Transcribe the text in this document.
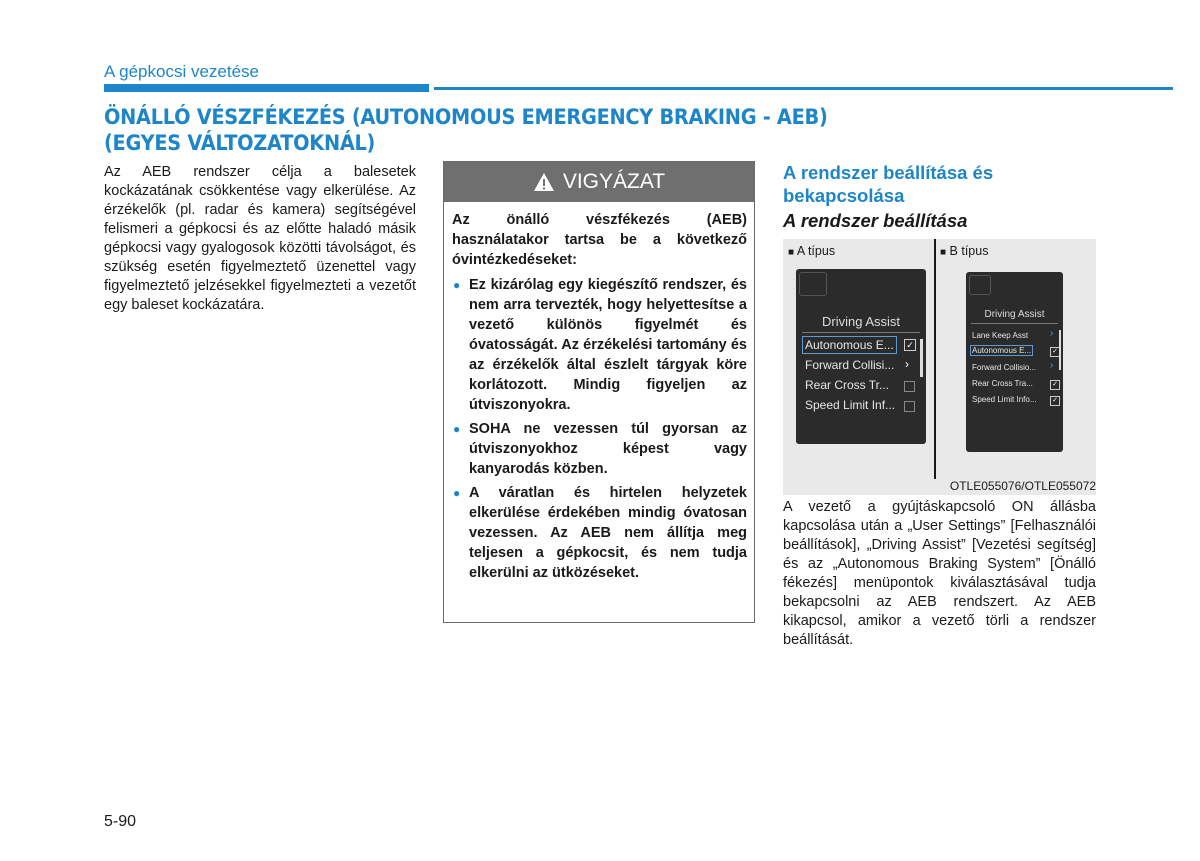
A gépkocsi vezetése
ÖNÁLLÓ VÉSZFÉKEZÉS (AUTONOMOUS EMERGENCY BRAKING - AEB)
(EGYES VÁLTOZATOKNÁL)
Az AEB rendszer célja a balesetek kockázatának csökkentése vagy elkerülése. Az érzékelők (pl. radar és kamera) segítségével felismeri a gépkocsi és az előtte haladó másik gépkocsi vagy gyalogosok közötti távolságot, és szükség esetén figyelmeztető üzenettel vagy figyelmeztető jelzésekkel figyelmezteti a vezetőt egy baleset kockázatára.
VIGYÁZAT
Az önálló vészfékezés (AEB) használatakor tartsa be a következő óvintézkedéseket:
● Ez kizárólag egy kiegészítő rendszer, és nem arra tervezték, hogy helyettesítse a vezető különös figyelmét és óvatosságát. Az érzékelési tartomány és az érzékelők által észlelt tárgyak köre korlátozott. Mindig figyeljen az útviszonyokra.
● SOHA ne vezessen túl gyorsan az útviszonyokhoz képest vagy kanyarodás közben.
● A váratlan és hirtelen helyzetek elkerülése érdekében mindig óvatosan vezessen. Az AEB nem állítja meg teljesen a gépkocsit, és nem tudja elkerülni az ütközéseket.
A rendszer beállítása és bekapcsolása
A rendszer beállítása
■ A típus	■ B típus
Driving Assist
Autonomous E... ✓
Forward Collisi... ›
Rear Cross Tr...
Speed Limit Inf...
Driving Assist
Lane Keep Asst ›
Autonomous E...	✓
Forward Collisio... ›
Rear Cross Tra...	✓
Speed Limit Info... ✓
OTLE055076/OTLE055072
A vezető a gyújtáskapcsoló ON állásba kapcsolása után a „User Settings” [Felhasználói beállítások], „Driving Assist” [Vezetési segítség] és az „Autonomous Braking System” [Önálló fékezés] menüpontok kiválasztásával tudja bekapcsolni az AEB rendszert. Az AEB kikapcsol, amikor a vezető törli a rendszer beállítását.
5-90
